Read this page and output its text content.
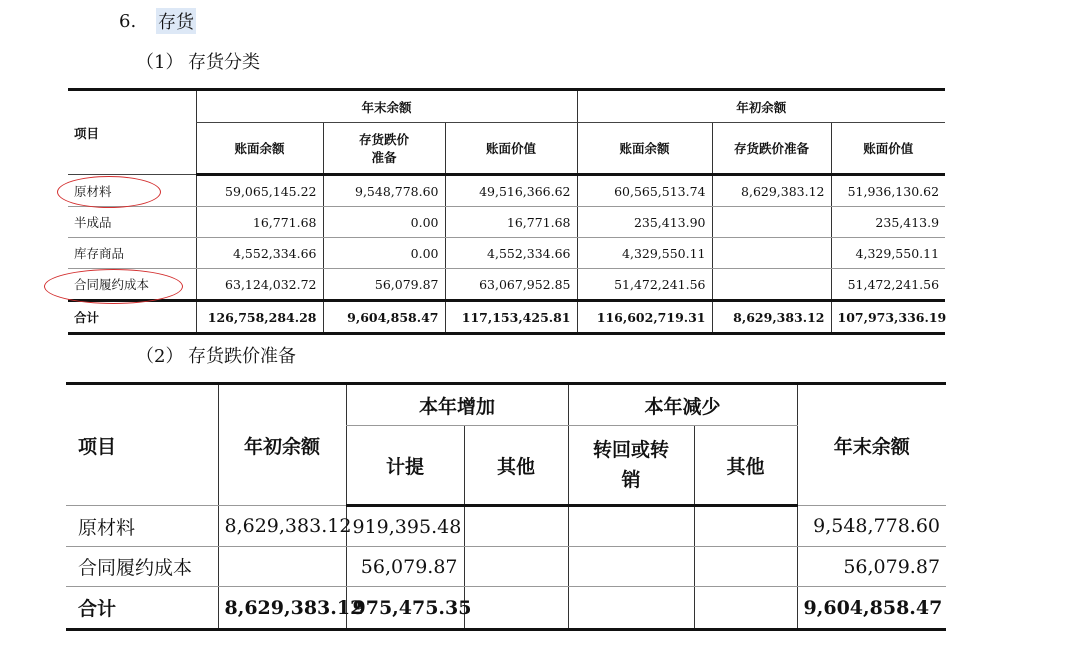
6.	存货
（1） 存货分类
项目	年末余额			年初余额		
	账面余额	存货跌价
准备	账面价值	账面余额	存货跌价准备	账面价值
原材料	59,065,145.22	9,548,778.60	49,516,366.62	60,565,513.74	8,629,383.12	51,936,130.62
半成品	16,771.68	0.00	16,771.68	235,413.90		235,413.9
库存商品	4,552,334.66	0.00	4,552,334.66	4,329,550.11		4,329,550.11
合同履约成本	63,124,032.72	56,079.87	63,067,952.85	51,472,241.56		51,472,241.56
合计	126,758,284.28	9,604,858.47	117,153,425.81	116,602,719.31	8,629,383.12	107,973,336.19
（2） 存货跌价准备
项目	年初余额	本年增加		本年减少		年末余额
		计提	其他	转回或转
销	其他	
原材料	8,629,383.12	919,395.48				9,548,778.60
合同履约成本		56,079.87				56,079.87
合计	8,629,383.12	975,475.35				9,604,858.47
